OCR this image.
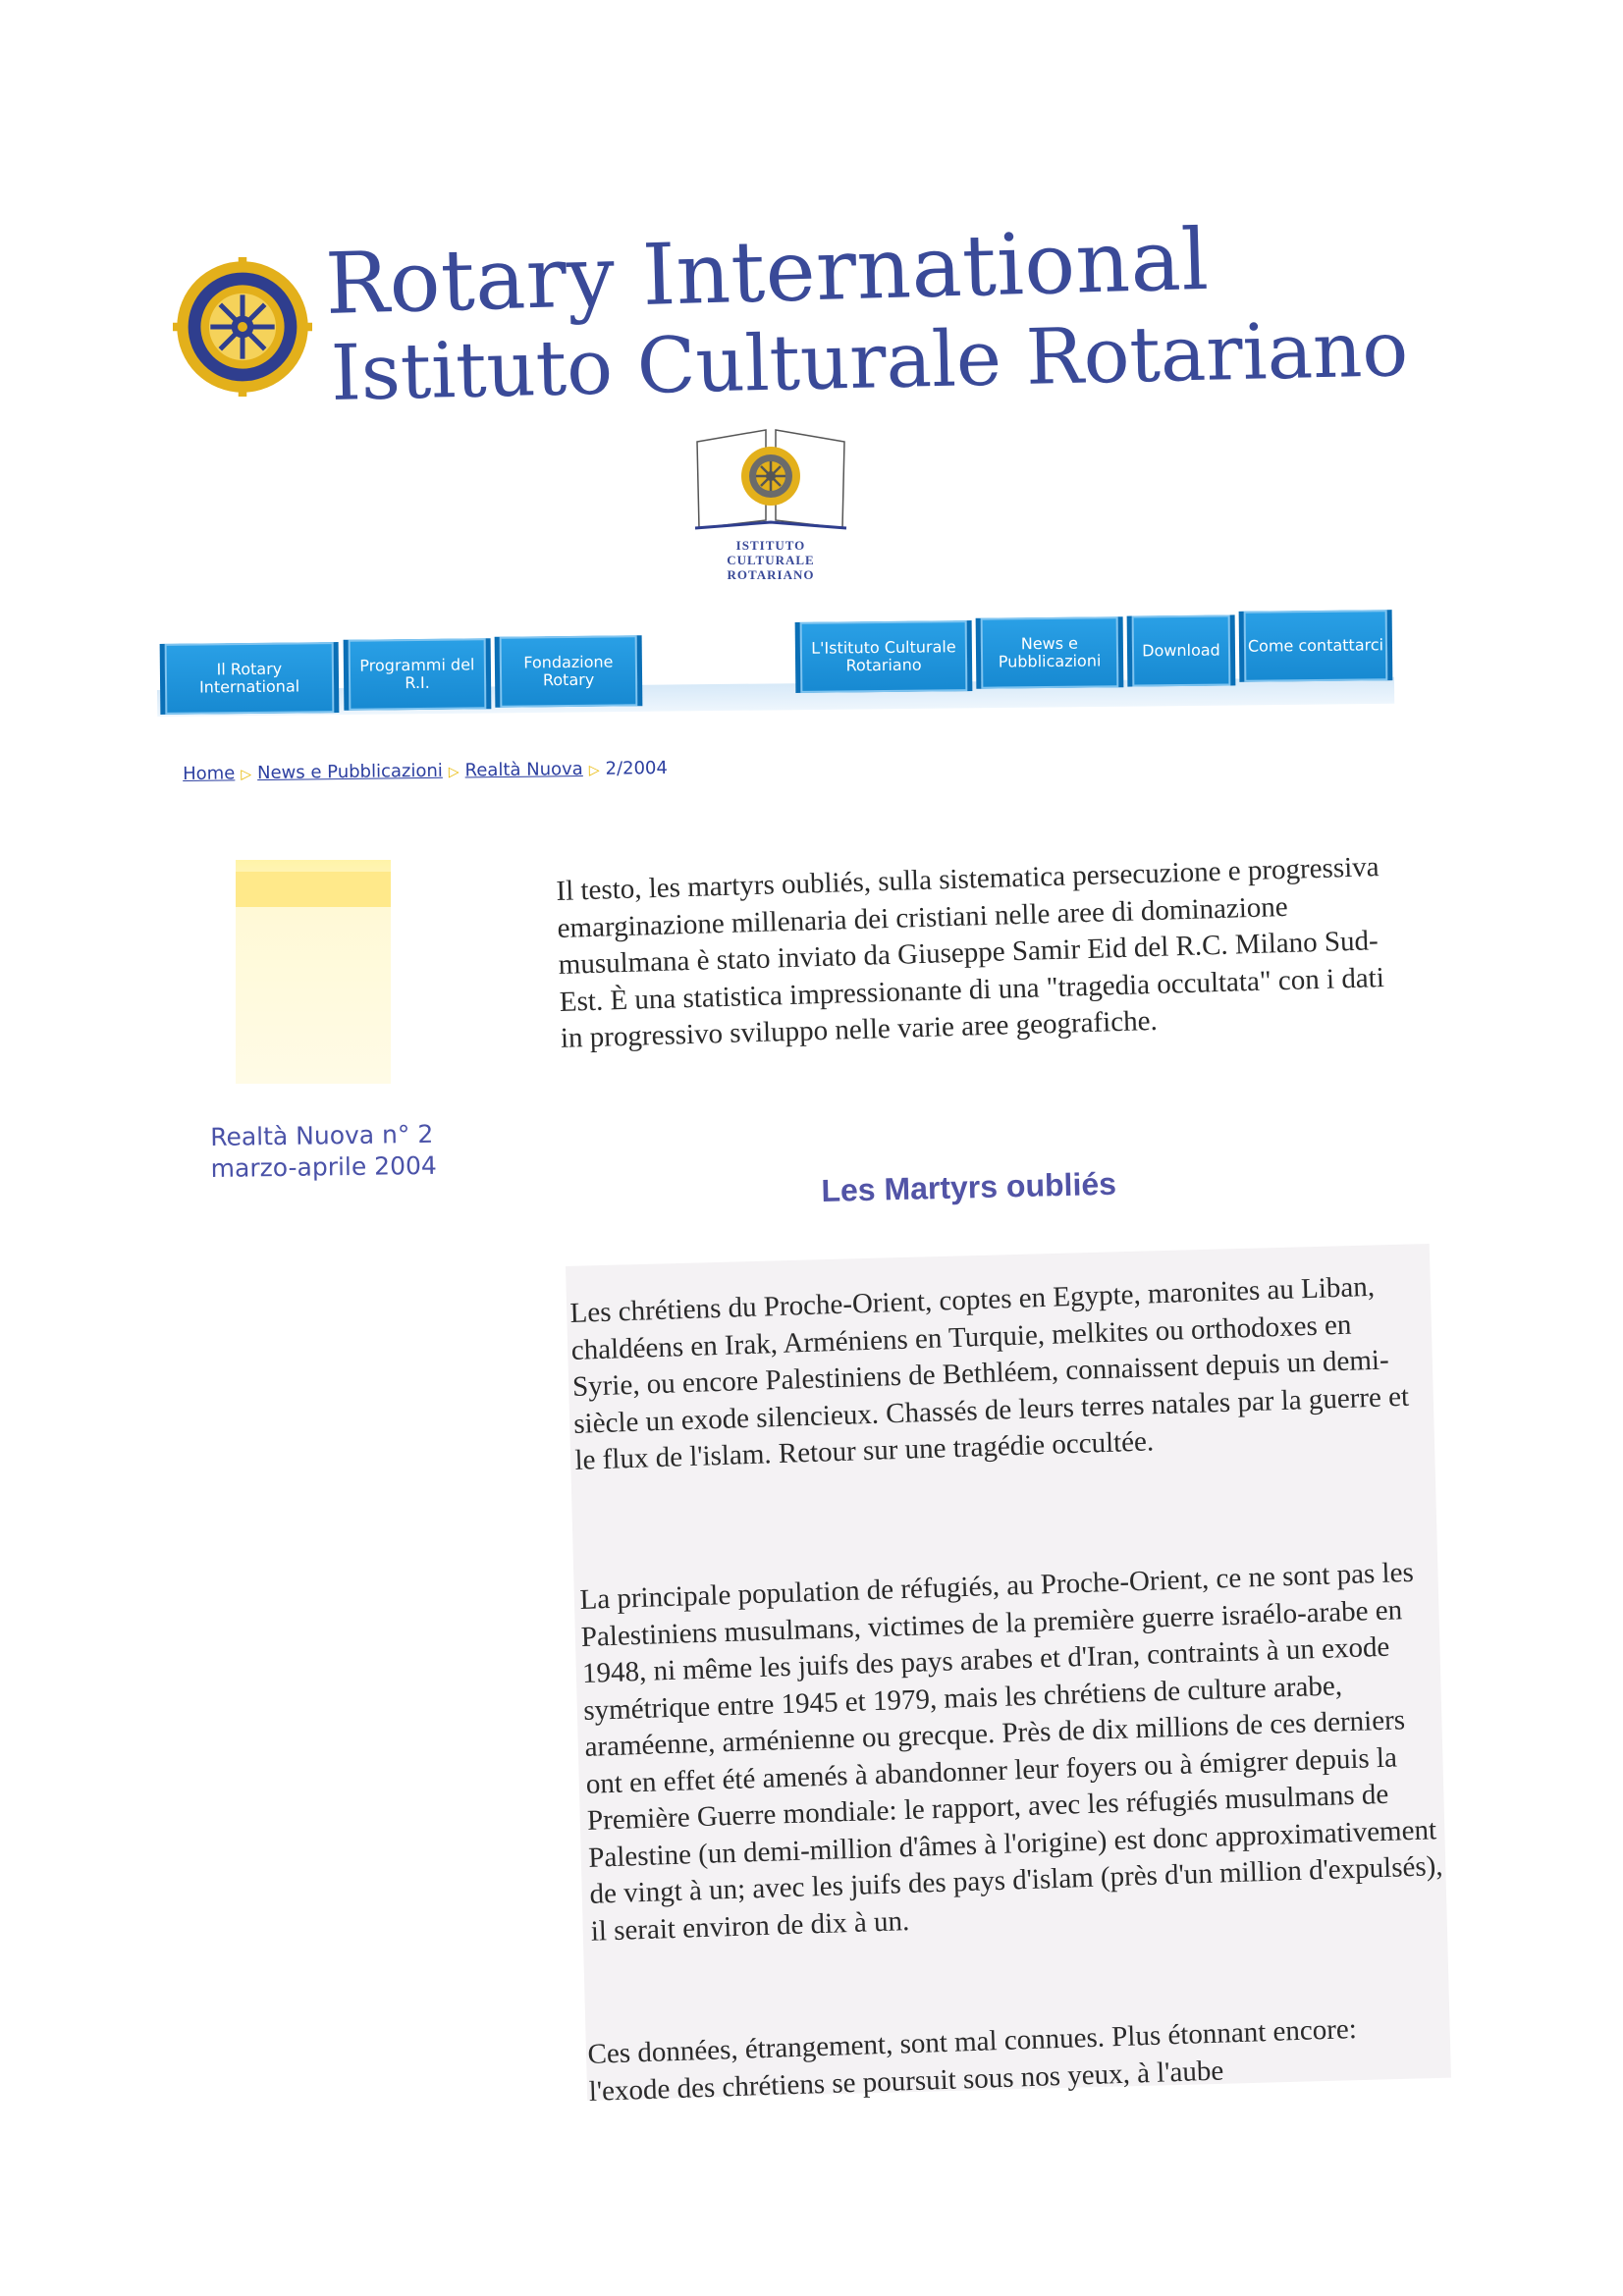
Rotary International
Istituto Culturale Rotariano
ISTITUTO
CULTURALE
ROTARIANO
Il Rotary International
Programmi del R.I.
Fondazione Rotary
L'Istituto Culturale Rotariano
News e Pubblicazioni
Download	Come contattarci
Home ▷ News e Pubblicazioni ▷ Realtà Nuova ▷ 2/2004
Realtà Nuova n° 2
marzo-aprile 2004

Il testo, les martyrs oubliés, sulla sistematica persecuzione e progressiva emarginazione millenaria dei cristiani nelle aree di dominazione musulmana è stato inviato da Giuseppe Samir Eid del R.C. Milano Sud-Est. È una statistica impressionante di una "tragedia occultata" con i dati in progressivo sviluppo nelle varie aree geografiche.

Les Martyrs oubliés

Les chrétiens du Proche-Orient, coptes en Egypte, maronites au Liban, chaldéens en Irak, Arméniens en Turquie, melkites ou orthodoxes en Syrie, ou encore Palestiniens de Bethléem, connaissent depuis un demi-siècle un exode silencieux. Chassés de leurs terres natales par la guerre et le flux de l'islam. Retour sur une tragédie occultée.

La principale population de réfugiés, au Proche-Orient, ce ne sont pas les Palestiniens musulmans, victimes de la première guerre israélo-arabe en 1948, ni même les juifs des pays arabes et d'Iran, contraints à un exode symétrique entre 1945 et 1979, mais les chrétiens de culture arabe, araméenne, arménienne ou grecque. Près de dix millions de ces derniers ont en effet été amenés à abandonner leur foyers ou à émigrer depuis la Première Guerre mondiale: le rapport, avec les réfugiés musulmans de Palestine (un demi-million d'âmes à l'origine) est donc approximativement de vingt à un; avec les juifs des pays d'islam (près d'un million d'expulsés), il serait environ de dix à un.

Ces données, étrangement, sont mal connues. Plus étonnant encore: l'exode des chrétiens se poursuit sous nos yeux, à l'aube
